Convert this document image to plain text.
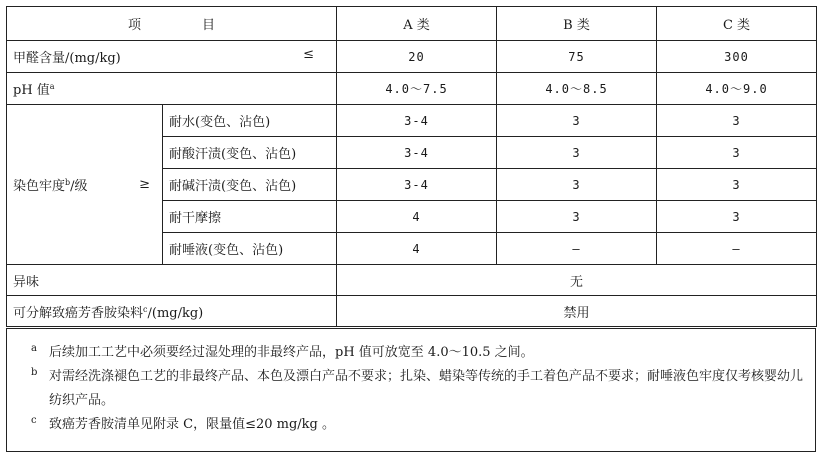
项　目		A 类	B 类	C 类
甲醛含量/(mg/kg) ≤		20	75	300
pH 值$^a$		4.0～7.5	4.0～8.5	4.0～9.0

染色牢度$^b$/级 ≥	耐水(变色、沾色)	3-4	3	3
	耐酸汗渍(变色、沾色)	3-4	3	3
	耐碱汗渍(变色、沾色)	3-4	3	3
	耐干摩擦	4	3	3
	耐唾液(变色、沾色)	4	—	—
异味		无		
可分解致癌芳香胺染料$^c$/(mg/kg)		禁用		
a 后续加工工艺中必须要经过湿处理的非最终产品，pH 值可放宽至 4.0～10.5 之间。
b 对需经洗涤褪色工艺的非最终产品、本色及漂白产品不要求；扎染、蜡染等传统的手工着色产品不要求；耐唾液色牢度仅考核婴幼儿纺织产品。
c 致癌芳香胺清单见附录 C，限量值≤20 mg/kg 。
